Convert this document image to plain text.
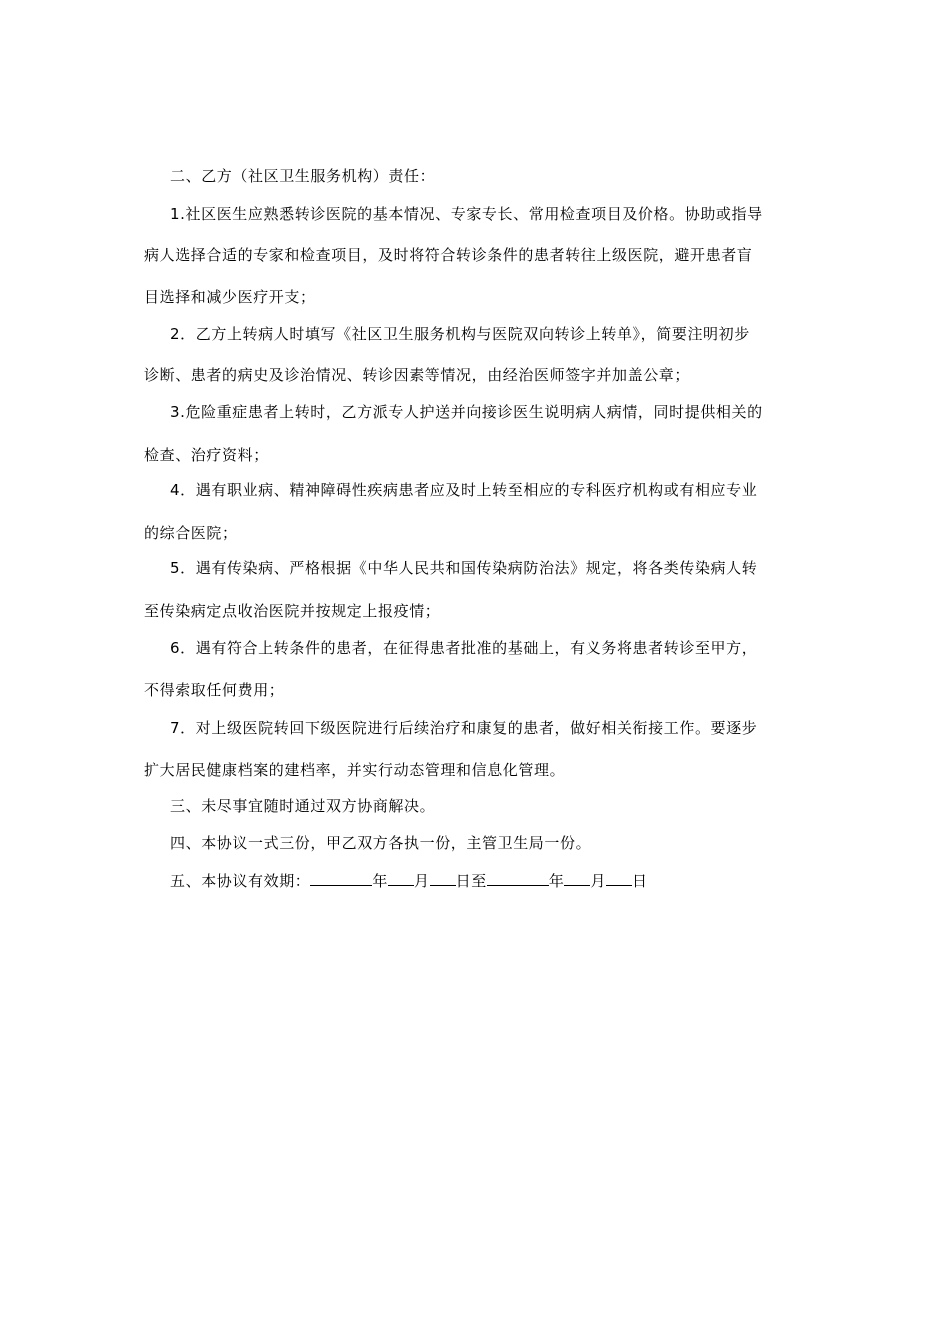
二、乙方（社区卫生服务机构）责任：
1.社区医生应熟悉转诊医院的基本情况、专家专长、常用检查项目及价格。协助或指导
病人选择合适的专家和检查项目，及时将符合转诊条件的患者转往上级医院，避开患者盲
目选择和减少医疗开支；
2．乙方上转病人时填写《社区卫生服务机构与医院双向转诊上转单》，简要注明初步
诊断、患者的病史及诊治情况、转诊因素等情况，由经治医师签字并加盖公章；
3.危险重症患者上转时，乙方派专人护送并向接诊医生说明病人病情，同时提供相关的
检查、治疗资料；
4．遇有职业病、精神障碍性疾病患者应及时上转至相应的专科医疗机构或有相应专业
的综合医院；
5．遇有传染病、严格根据《中华人民共和国传染病防治法》规定，将各类传染病人转
至传染病定点收治医院并按规定上报疫情；
6．遇有符合上转条件的患者，在征得患者批准的基础上，有义务将患者转诊至甲方，
不得索取任何费用；
7．对上级医院转回下级医院进行后续治疗和康复的患者，做好相关衔接工作。要逐步
扩大居民健康档案的建档率，并实行动态管理和信息化管理。
三、未尽事宜随时通过双方协商解决。
四、本协议一式三份，甲乙双方各执一份，主管卫生局一份。
五、本协议有效期：	年 月 日至	年 月 日
